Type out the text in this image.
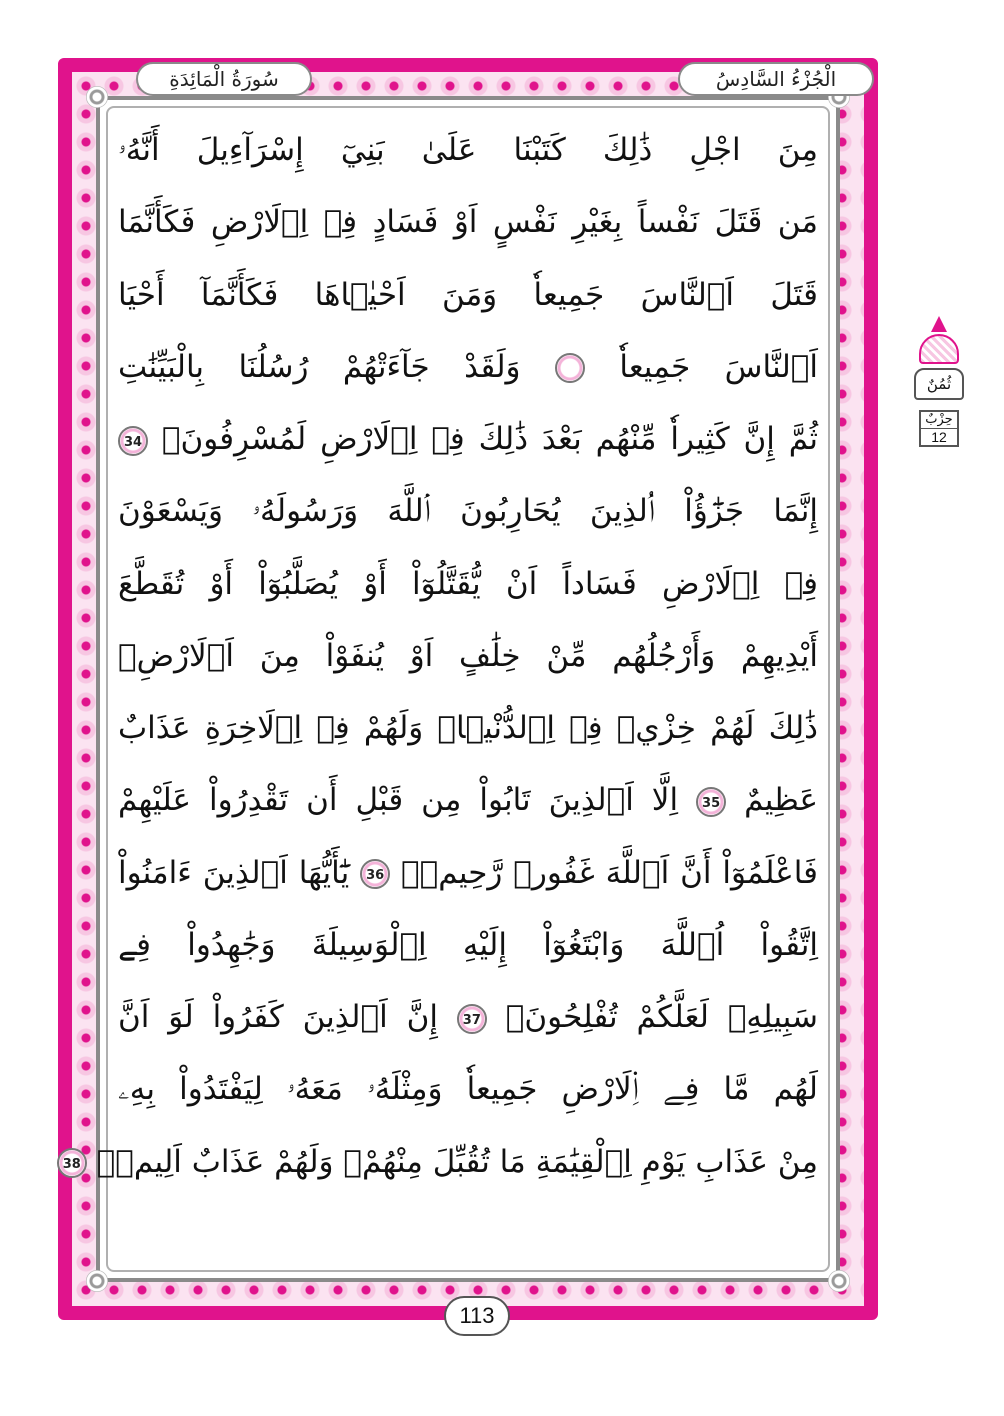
الْجُزْءُ السَّادِسُ
سُورَةُ الْمَائِدَةِ
مِنَ اجْلِ ذَٰلِكَ كَتَبْنَا عَلَىٰ بَنِيٓ إِسْرَآءِيلَ أَنَّهُۥ
مَن قَتَلَ نَفْساً بِغَيْرِ نَفْسٍ اَوْ فَسَادٍ فِے اِ۬لَارْضِ فَكَأَنَّمَا
قَتَلَ اَ۬لنَّاسَ جَمِيعاٗ وَمَنَ اَحْيٰ۪اهَا فَكَأَنَّمَآ أَحْيَا
اَ۬لنَّاسَ جَمِيعاٗ  وَلَقَدْ جَآءَتْهُمْ رُسُلُنَا بِالْبَيِّنَٰتِ
ثُمَّ إِنَّ كَثِيراٗ مِّنْهُم بَعْدَ ذَٰلِكَ فِے اِ۬لَارْضِ لَمُسْرِفُونَۖ 34
إِنَّمَا جَزَٰٓؤُاْ اُ۬لذِينَ يُحَارِبُونَ اَ۬للَّهَ وَرَسُولَهُۥ وَيَسْعَوْنَ
فِے اِ۬لَارْضِ فَسَاداً اَنْ يُّقَتَّلُوٓاْ أَوْ يُصَلَّبُوٓاْ أَوْ تُقَطَّعَ
أَيْدِيهِمْ وَأَرْجُلُهُم مِّنْ خِلَٰفٍ اَوْ يُنفَوْاْ مِنَ اَ۬لَارْضِۖ
ذَٰلِكَ لَهُمْ خِزْيٞ فِے اِ۬لدُّنْي۪اۖ وَلَهُمْ فِے اِ۬لَاخِرَةِ عَذَابٌ
عَظِيمٌ 35 اِلَّا اَ۬لذِينَ تَابُواْ مِن قَبْلِ أَن تَقْدِرُواْ عَلَيْهِمْ
فَاعْلَمُوٓاْ أَنَّ اَ۬للَّهَ غَفُورٞ رَّحِيمٞۖ 36 يَٰٓأَيُّهَا اَ۬لذِينَ ءَامَنُواْ
اِتَّقُواْ اُ۬للَّهَ وَابْتَغُوٓاْ إِلَيْهِ اِ۬لْوَسِيلَةَ وَجَٰهِدُواْ فِے
سَبِيلِهِۦ لَعَلَّكُمْ تُفْلِحُونَۖ 37 إِنَّ اَ۬لذِينَ كَفَرُواْ لَوَ اَنَّ
لَهُم مَّا فِے اِ۬لَارْضِ جَمِيعاٗ وَمِثْلَهُۥ مَعَهُۥ لِيَفْتَدُواْ بِهِۦ
مِنْ عَذَابِ يَوْمِ اِ۬لْقِيَٰمَةِ مَا تُقُبِّلَ مِنْهُمْۖ وَلَهُمْ عَذَابٌ اَلِيمٞۖ 38
113
ثُمُنٌ
حِزْبٌ
12
